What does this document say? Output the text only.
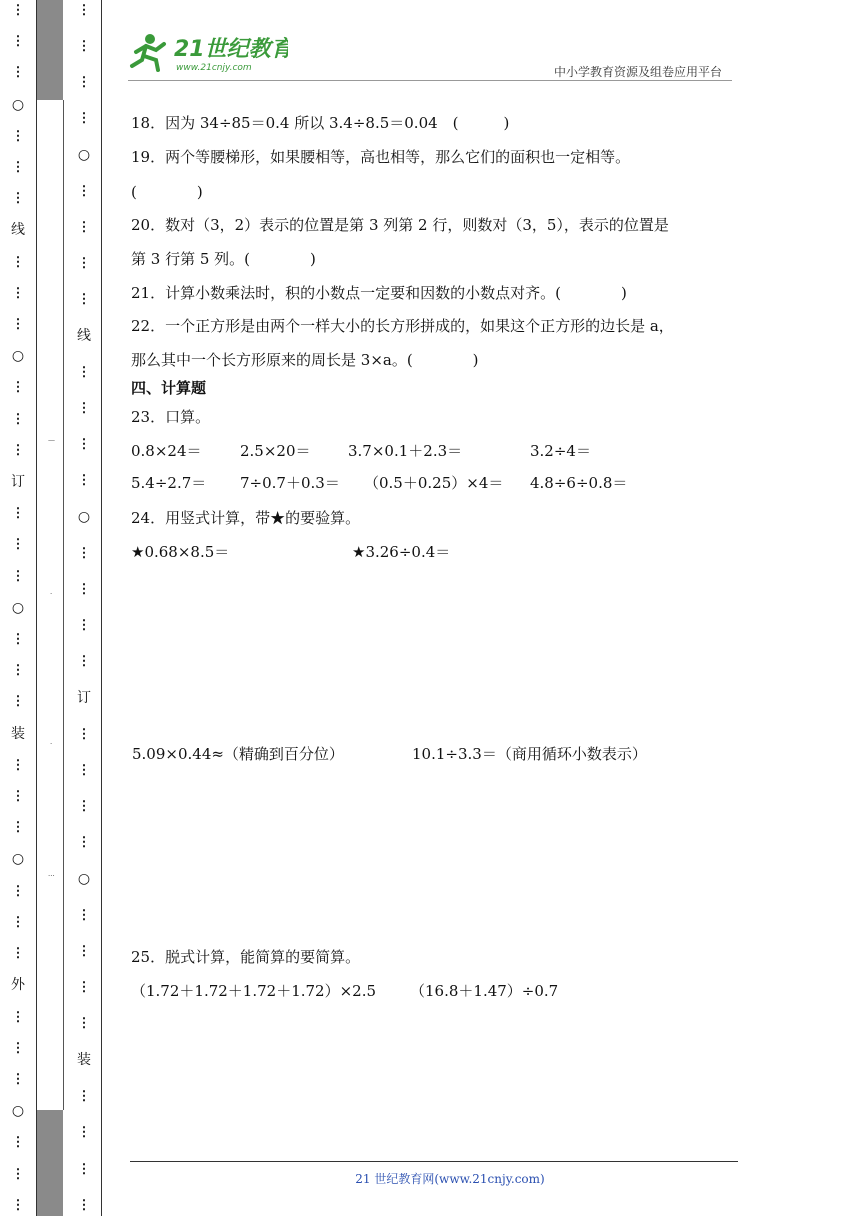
⋮
⋮
⋮
○
⋮
⋮
⋮
线
⋮
⋮
⋮
○
⋮
⋮
⋮
订
⋮
⋮
⋮
○
⋮
⋮
⋮
装
⋮
⋮
⋮
○
⋮
⋮
⋮
外
⋮
⋮
⋮
○
⋮
⋮
⋮
⋮
⋮
⋮
⋮
○
⋮
⋮
⋮
⋮
线
⋮
⋮
⋮
⋮
○
⋮
⋮
⋮
⋮
订
⋮
⋮
⋮
⋮
○
⋮
⋮
⋮
⋮
装
⋮
⋮
⋮
⋮
—
·
·
···
21世纪教育
www.21cnjy.com	中小学教育资源及组卷应用平台
18．因为 34÷85＝0.4 所以 3.4÷8.5＝0.04　(　　　)
19．两个等腰梯形，如果腰相等，高也相等，那么它们的面积也一定相等。
(　　　　)
20．数对（3，2）表示的位置是第 3 列第 2 行，则数对（3，5），表示的位置是
第 3 行第 5 列。(　　　　)
21．计算小数乘法时，积的小数点一定要和因数的小数点对齐。(　　　　)
22．一个正方形是由两个一样大小的长方形拼成的，如果这个正方形的边长是 a，
那么其中一个长方形原来的周长是 3×a。(　　　　)
四、计算题
23．口算。
0.8×24＝	2.5×20＝ 3.7×0.1＋2.3＝	3.2÷4＝
5.4÷2.7＝ 7÷0.7＋0.3＝ （0.5＋0.25）×4＝ 4.8÷6÷0.8＝
24．用竖式计算，带★的要验算。
★0.68×8.5＝	★3.26÷0.4＝
5.09×0.44≈（精确到百分位）	10.1÷3.3＝（商用循环小数表示）
25．脱式计算，能简算的要简算。
（1.72＋1.72＋1.72＋1.72）×2.5 （16.8＋1.47）÷0.7
21 世纪教育网(www.21cnjy.com)
